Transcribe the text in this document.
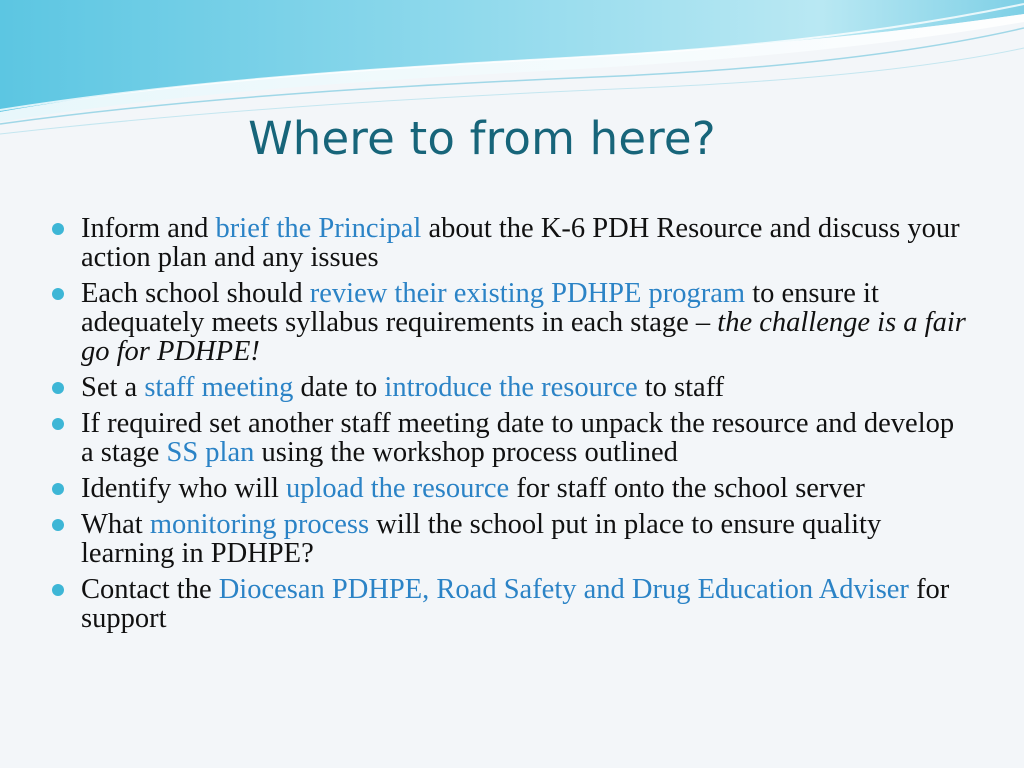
Where to from here?
Inform and brief the Principal about the K-6 PDH Resource and discuss your action plan and any issues
Each school should review their existing PDHPE program to ensure it adequately meets syllabus requirements in each stage – the challenge is a fair go for PDHPE!
Set a staff meeting date to introduce the resource to staff
If required set another staff meeting date to unpack the resource and develop a stage SS plan using the workshop process outlined
Identify who will upload the resource for staff onto the school server
What monitoring process will the school put in place to ensure quality learning in PDHPE?
Contact the Diocesan PDHPE, Road Safety and Drug Education Adviser for support
